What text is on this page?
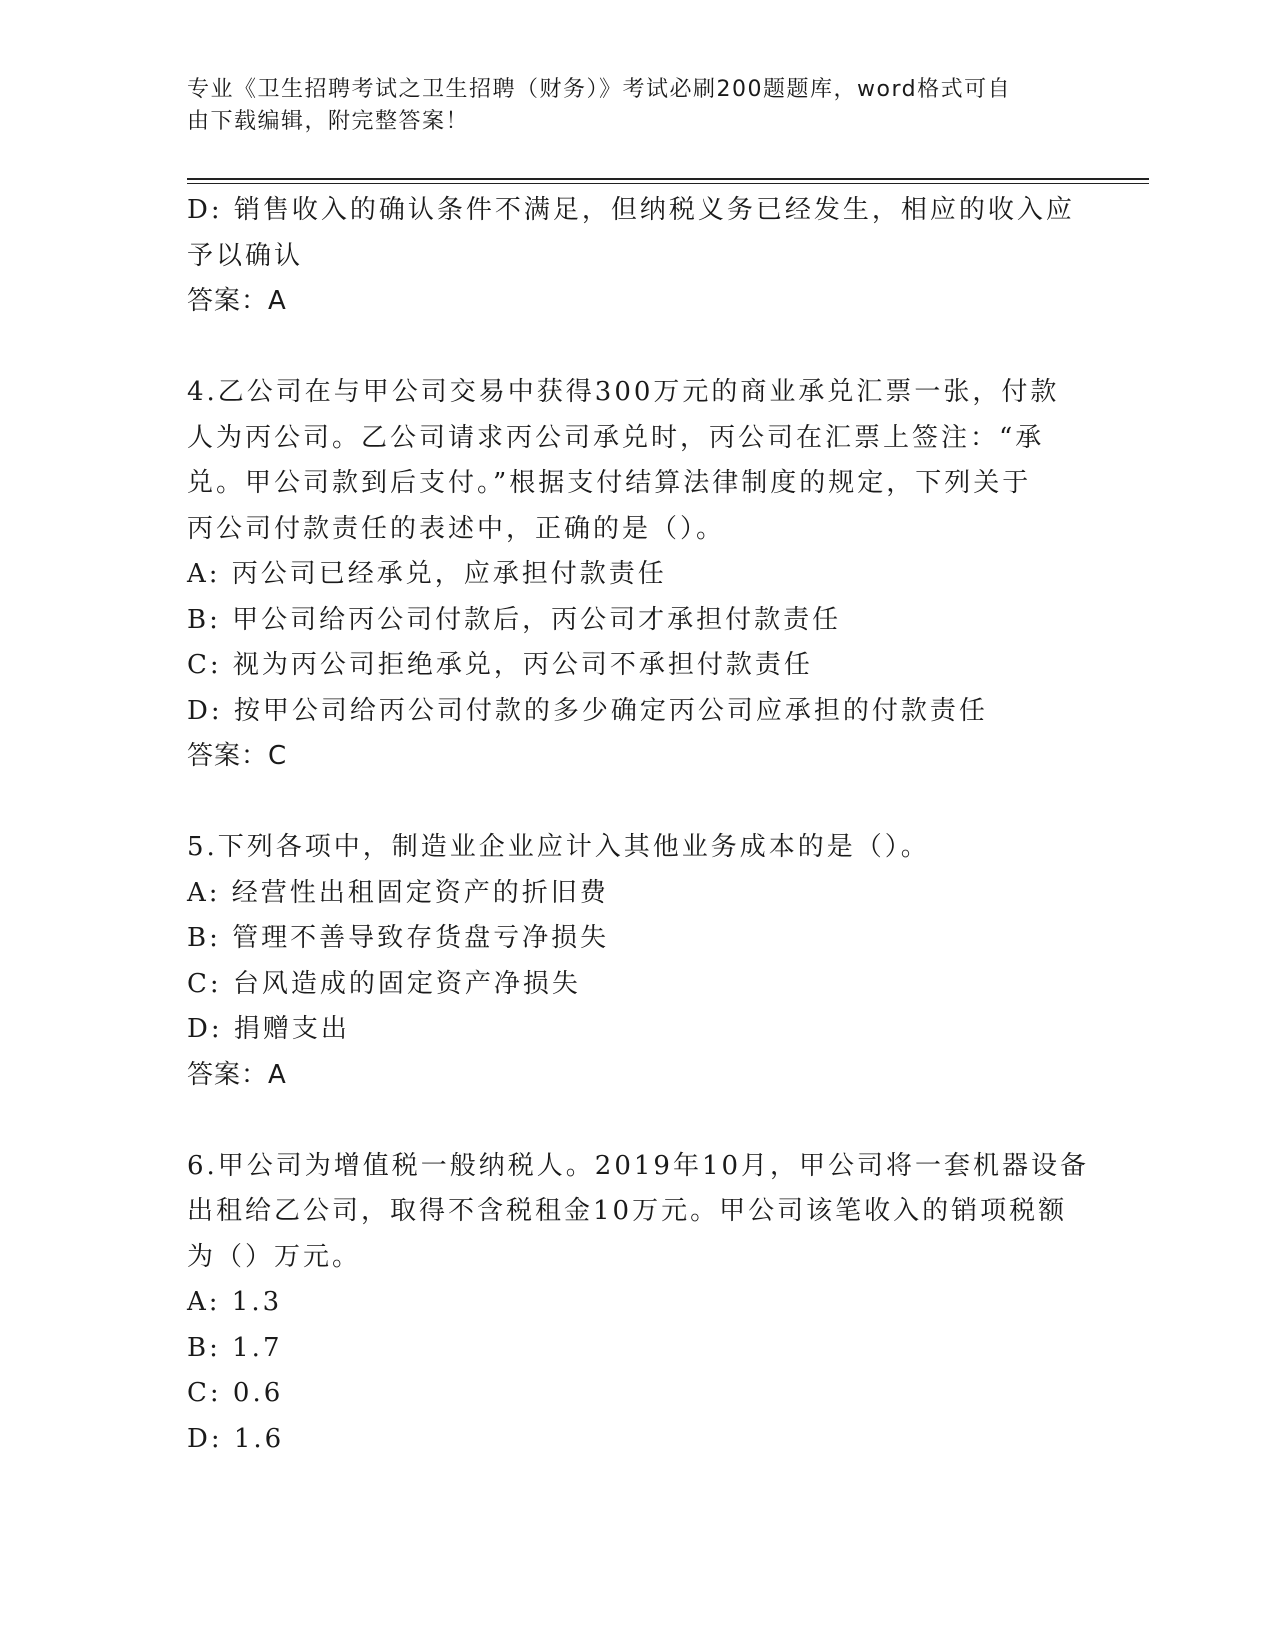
专业《卫生招聘考试之卫生招聘（财务）》考试必刷200题题库，word格式可自
由下载编辑，附完整答案！
D: 销售收入的确认条件不满足，但纳税义务已经发生，相应的收入应
予以确认
答案：A
4.乙公司在与甲公司交易中获得300万元的商业承兑汇票一张，付款
人为丙公司。乙公司请求丙公司承兑时，丙公司在汇票上签注：“承
兑。甲公司款到后支付。”根据支付结算法律制度的规定，下列关于
丙公司付款责任的表述中，正确的是（）。
A: 丙公司已经承兑，应承担付款责任
B: 甲公司给丙公司付款后，丙公司才承担付款责任
C: 视为丙公司拒绝承兑，丙公司不承担付款责任
D: 按甲公司给丙公司付款的多少确定丙公司应承担的付款责任
答案：C
5.下列各项中，制造业企业应计入其他业务成本的是（）。
A: 经营性出租固定资产的折旧费
B: 管理不善导致存货盘亏净损失
C: 台风造成的固定资产净损失
D: 捐赠支出
答案：A
6.甲公司为增值税一般纳税人。2019年10月，甲公司将一套机器设备
出租给乙公司，取得不含税租金10万元。甲公司该笔收入的销项税额
为（）万元。
A: 1.3
B: 1.7
C: 0.6
D: 1.6
